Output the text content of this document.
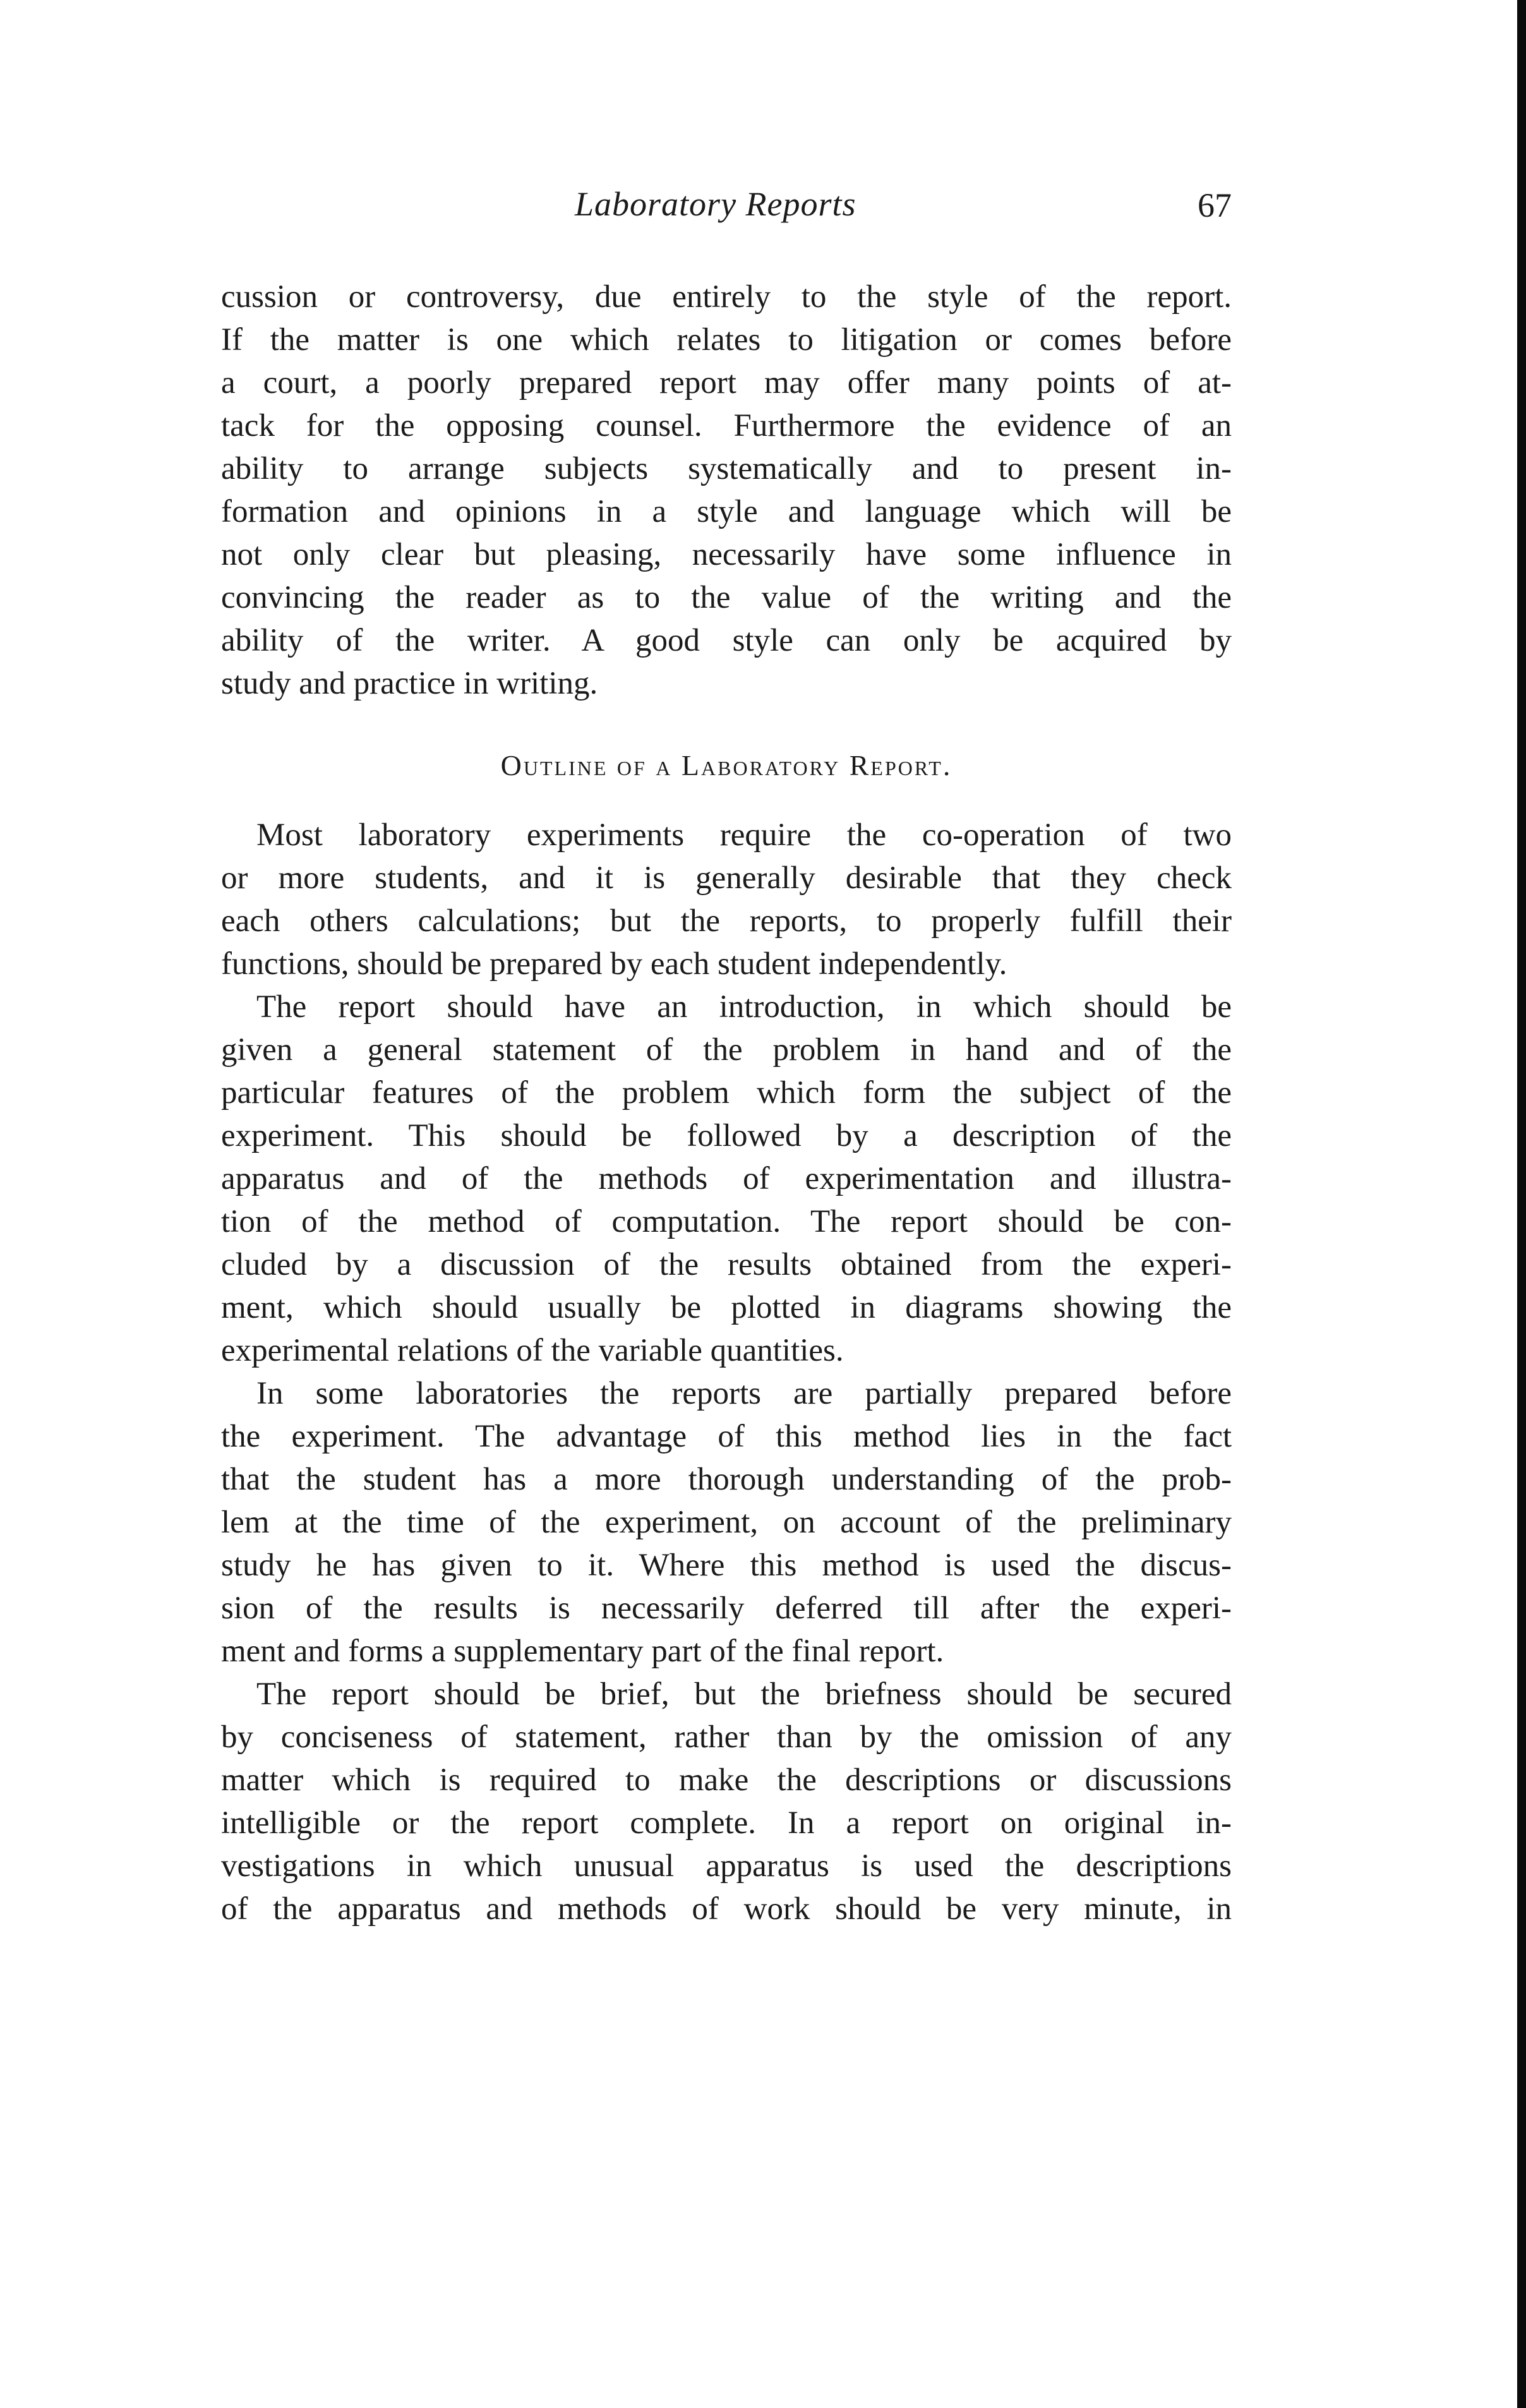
Laboratory Reports	67
cussion or controversy, due entirely to the style of the report.
If the matter is one which relates to litigation or comes before
a court, a poorly prepared report may offer many points of at-
tack for the opposing counsel. Furthermore the evidence of an
ability to arrange subjects systematically and to present in-
formation and opinions in a style and language which will be
not only clear but pleasing, necessarily have some influence in
convincing the reader as to the value of the writing and the
ability of the writer. A good style can only be acquired by
study and practice in writing.
Outline of a Laboratory Report.
Most laboratory experiments require the co-operation of two
or more students, and it is generally desirable that they check
each others calculations; but the reports, to properly fulfill their
functions, should be prepared by each student independently.
The report should have an introduction, in which should be
given a general statement of the problem in hand and of the
particular features of the problem which form the subject of the
experiment. This should be followed by a description of the
apparatus and of the methods of experimentation and illustra-
tion of the method of computation. The report should be con-
cluded by a discussion of the results obtained from the experi-
ment, which should usually be plotted in diagrams showing the
experimental relations of the variable quantities.
In some laboratories the reports are partially prepared before
the experiment. The advantage of this method lies in the fact
that the student has a more thorough understanding of the prob-
lem at the time of the experiment, on account of the preliminary
study he has given to it. Where this method is used the discus-
sion of the results is necessarily deferred till after the experi-
ment and forms a supplementary part of the final report.
The report should be brief, but the briefness should be secured
by conciseness of statement, rather than by the omission of any
matter which is required to make the descriptions or discussions
intelligible or the report complete. In a report on original in-
vestigations in which unusual apparatus is used the descriptions
of the apparatus and methods of work should be very minute, in
